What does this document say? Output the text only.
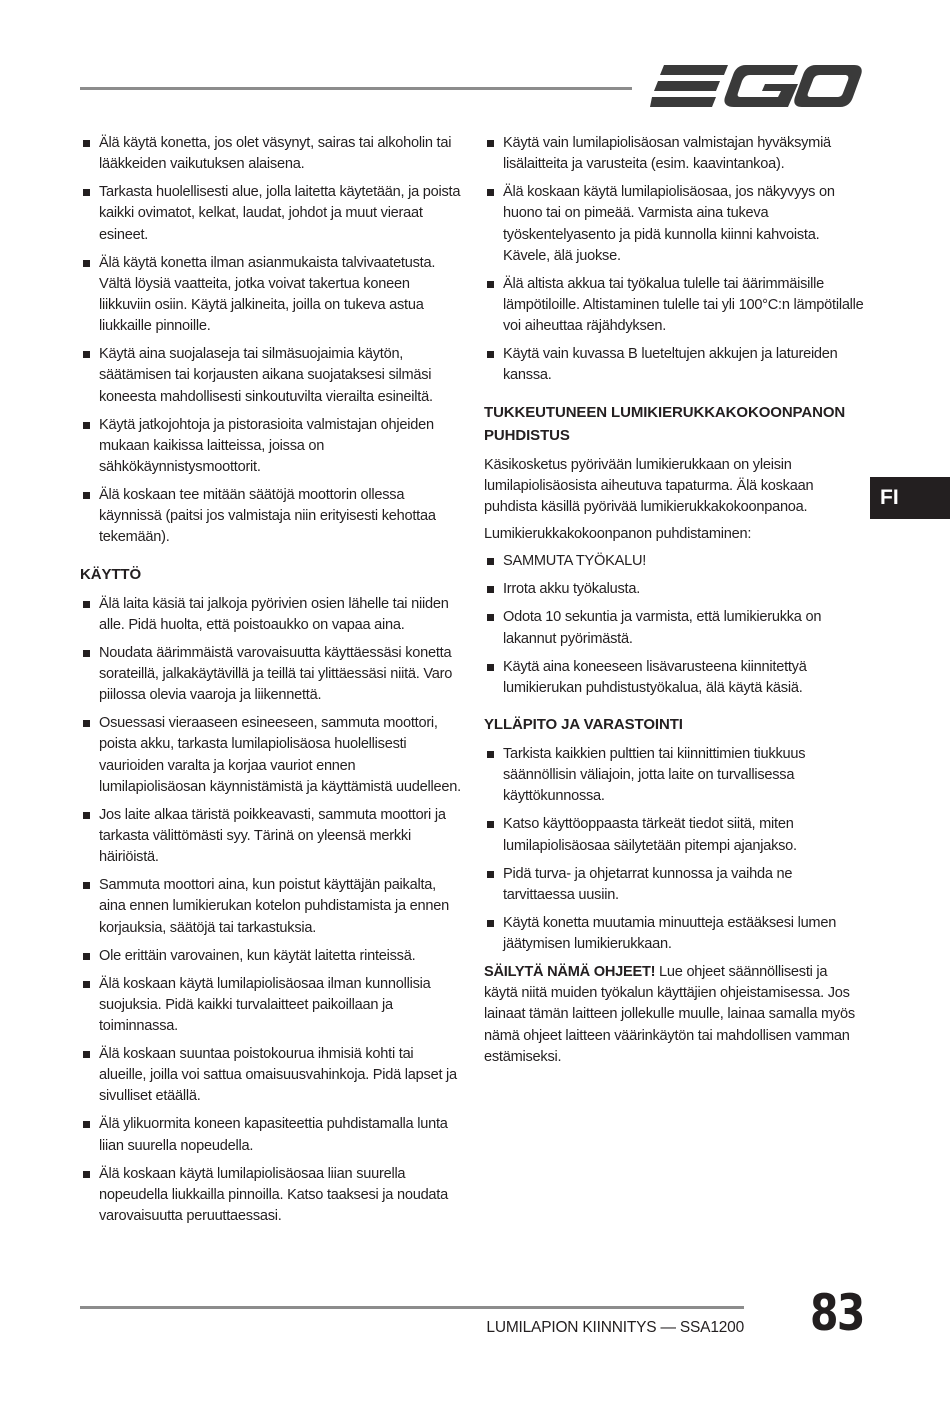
Älä käytä konetta, jos olet väsynyt, sairas tai alkoholin tai lääkkeiden vaikutuksen alaisena.
Tarkasta huolellisesti alue, jolla laitetta käytetään, ja poista kaikki ovimatot, kelkat, laudat, johdot ja muut vieraat esineet.
Älä käytä konetta ilman asianmukaista talvivaatetusta. Vältä löysiä vaatteita, jotka voivat takertua koneen liikkuviin osiin. Käytä jalkineita, joilla on tukeva astua liukkaille pinnoille.
Käytä aina suojalaseja tai silmäsuojaimia käytön, säätämisen tai korjausten aikana suojataksesi silmäsi koneesta mahdollisesti sinkoutuvilta vierailta esineiltä.
Käytä jatkojohtoja ja pistorasioita valmistajan ohjeiden mukaan kaikissa laitteissa, joissa on sähkökäynnistysmoottorit.
Älä koskaan tee mitään säätöjä moottorin ollessa käynnissä (paitsi jos valmistaja niin erityisesti kehottaa tekemään).
KÄYTTÖ
Älä laita käsiä tai jalkoja pyörivien osien lähelle tai niiden alle. Pidä huolta, että poistoaukko on vapaa aina.
Noudata äärimmäistä varovaisuutta käyttäessäsi konetta sorateillä, jalkakäytävillä ja teillä tai ylittäessäsi niitä. Varo piilossa olevia vaaroja ja liikennettä.
Osuessasi vieraaseen esineeseen, sammuta moottori, poista akku, tarkasta lumilapiolisäosa huolellisesti vaurioiden varalta ja korjaa vauriot ennen lumilapiolisäosan käynnistämistä ja käyttämistä uudelleen.
Jos laite alkaa täristä poikkeavasti, sammuta moottori ja tarkasta välittömästi syy. Tärinä on yleensä merkki häiriöistä.
Sammuta moottori aina, kun poistut käyttäjän paikalta, aina ennen lumikierukan kotelon puhdistamista ja ennen korjauksia, säätöjä tai tarkastuksia.
Ole erittäin varovainen, kun käytät laitetta rinteissä.
Älä koskaan käytä lumilapiolisäosaa ilman kunnollisia suojuksia. Pidä kaikki turvalaitteet paikoillaan ja toiminnassa.
Älä koskaan suuntaa poistokourua ihmisiä kohti tai alueille, joilla voi sattua omaisuusvahinkoja. Pidä lapset ja sivulliset etäällä.
Älä ylikuormita koneen kapasiteettia puhdistamalla lunta liian suurella nopeudella.
Älä koskaan käytä lumilapiolisäosaa liian suurella nopeudella liukkailla pinnoilla. Katso taaksesi ja noudata varovaisuutta peruuttaessasi.
Käytä vain lumilapiolisäosan valmistajan hyväksymiä lisälaitteita ja varusteita (esim. kaavintankoa).
Älä koskaan käytä lumilapiolisäosaa, jos näkyvyys on huono tai on pimeää. Varmista aina tukeva työskentelyasento ja pidä kunnolla kiinni kahvoista. Kävele, älä juokse.
Älä altista akkua tai työkalua tulelle tai äärimmäisille lämpötiloille. Altistaminen tulelle tai yli 100°C:n lämpötilalle voi aiheuttaa räjähdyksen.
Käytä vain kuvassa B lueteltujen akkujen ja latureiden kanssa.
TUKKEUTUNEEN LUMIKIERUKKAKOKOONPANON PUHDISTUS

Käsikosketus pyörivään lumikierukkaan on yleisin lumilapiolisäosista aiheutuva tapaturma. Älä koskaan puhdista käsillä pyörivää lumikierukkakokoonpanoa.

Lumikierukkakokoonpanon puhdistaminen:

SAMMUTA TYÖKALU!
Irrota akku työkalusta.
Odota 10 sekuntia ja varmista, että lumikierukka on lakannut pyörimästä.
Käytä aina koneeseen lisävarusteena kiinnitettyä lumikierukan puhdistustyökalua, älä käytä käsiä.
YLLÄPITO JA VARASTOINTI
Tarkista kaikkien pulttien tai kiinnittimien tiukkuus säännöllisin väliajoin, jotta laite on turvallisessa käyttökunnossa.
Katso käyttöoppaasta tärkeät tiedot siitä, miten lumilapiolisäosaa säilytetään pitempi ajanjakso.
Pidä turva- ja ohjetarrat kunnossa ja vaihda ne tarvittaessa uusiin.
Käytä konetta muutamia minuutteja estääksesi lumen jäätymisen lumikierukkaan.

SÄILYTÄ NÄMÄ OHJEET! Lue ohjeet säännöllisesti ja käytä niitä muiden työkalun käyttäjien ohjeistamisessa. Jos lainaat tämän laitteen jollekulle muulle, lainaa samalla myös nämä ohjeet laitteen väärinkäytön tai mahdollisen vamman estämiseksi.

FI
LUMILAPION KIINNITYS — SSA1200 83
